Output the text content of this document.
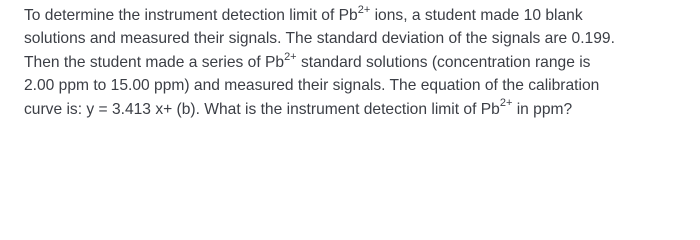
To determine the instrument detection limit of $Pb^{2+}$ ions, a student made 10 blank
solutions and measured their signals. The standard deviation of the signals are 0.199.
Then the student made a series of $Pb^{2+}$ standard solutions (concentration range is
2.00 ppm to 15.00 ppm) and measured their signals. The equation of the calibration
curve is: y = 3.413 x+ (b). What is the instrument detection limit of $Pb^{2+}$ in ppm?
